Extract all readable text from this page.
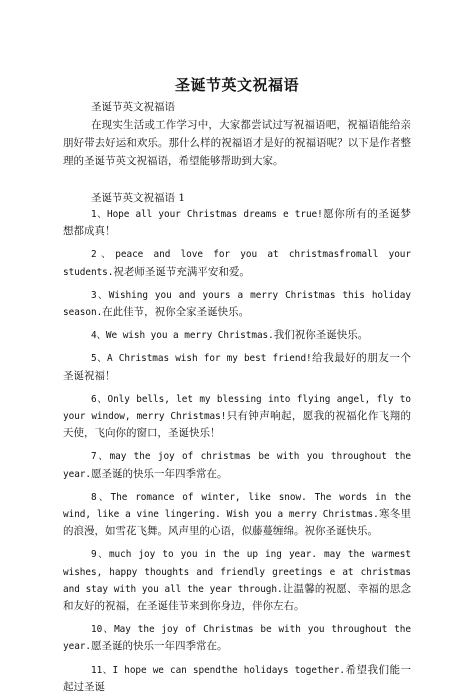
圣诞节英文祝福语

圣诞节英文祝福语

在现实生活或工作学习中，大家都尝试过写祝福语吧，祝福语能给亲朋好带去好运和欢乐。那什么样的祝福语才是好的祝福语呢？以下是作者整理的圣诞节英文祝福语，希望能够帮助到大家。

圣诞节英文祝福语 1

1、Hope all your Christmas dreams e true!愿你所有的圣诞梦想都成真！

2、peace and love for you at christmasfromall your students.祝老师圣诞节充满平安和爱。

3、Wishing you and yours a merry Christmas this holiday season.在此佳节，祝你全家圣诞快乐。

4、We wish you a merry Christmas.我们祝你圣诞快乐。

5、A Christmas wish for my best friend!给我最好的朋友一个圣诞祝福！

6、Only bells, let my blessing into flying angel, fly to your window, merry Christmas!只有钟声响起，愿我的祝福化作飞翔的天使，飞向你的窗口，圣诞快乐！

7、may the joy of christmas be with you throughout the year.愿圣诞的快乐一年四季常在。

8、The romance of winter, like snow. The words in the wind, like a vine lingering. Wish you a merry Christmas.寒冬里的浪漫，如雪花飞舞。风声里的心语，似藤蔓缠绵。祝你圣诞快乐。

9、much joy to you in the up ing year. may the warmest wishes, happy thoughts and friendly greetings e at christmas and stay with you all the year through.让温馨的祝愿、幸福的思念和友好的祝福，在圣诞佳节来到你身边，伴你左右。

10、May the joy of Christmas be with you throughout the year.愿圣诞的快乐一年四季常在。

11、I hope we can spendthe holidays together.希望我们能一起过圣诞
